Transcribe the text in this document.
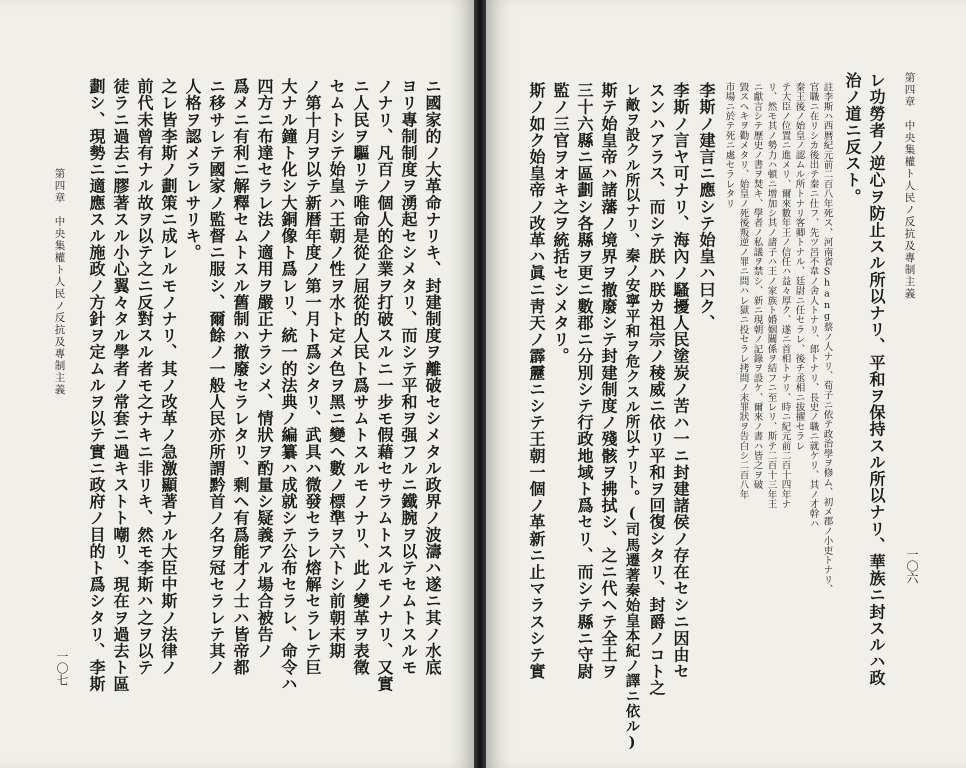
第四章　中央集權ト人民ノ反抗及專制主義
一〇七	ニ國家的ノ大革命ナリキ、封建制度ヲ離破セシメタル政界ノ波濤ハ遂ニ其ノ水底
ヨリ專制制度ヲ湧起セシメタリ、而シテ平和ヲ强フルニ鐵腕ヲ以テセムトスルモ
ノナリ、凡百ノ個人的企業ヲ打破スルニ一步モ假藉セサラムトスルモノナリ、又實
ニ人民ヲ驅リテ唯命是從ノ屈從的人民ト爲サムトスルモノナリ、此ノ變革ヲ表徵
セムトシテ始皇ハ王朝ノ性ヲ水ト定メ色ヲ黑ニ變ヘ數ノ標準ヲ六トシ前朝末期
ノ第十月ヲ以テ新暦年度ノ第一月ト爲シタリ、武具ハ微發セラレ熔解セラレテ巨
大ナル鐘ト化シ大銅像ト爲レリ、統一的法典ノ編纂ハ成就シテ公布セラレ、命令ハ
四方ニ布達セラレ法ノ適用ヲ嚴正ナラシメ、情狀ヲ酌量シ疑義アル場合被告ノ
爲メニ有利ニ解釋セムトスル舊制ハ撤廢セラレタリ、剩ヘ有爲能才ノ士ハ皆帝都
ニ移サレテ國家ノ監督ニ服シ、爾餘ノ一般人民亦所謂黔首ノ名ヲ冠セラレテ其ノ
人格ヲ認メラレサリキ。
之レ皆李斯ノ劃策ニ成レルモノナリ、其ノ改革ノ急激顯著ナル大臣中斯ノ法律ノ
前代未曾有ナル故ヲ以テ之ニ反對スル者モ之ナキニ非リキ、然モ李斯ハ之ヲ以テ
徒ラニ過去ニ膠著スル小心翼々タル學者ノ常套ニ過キストト嘲リ、現在ヲ過去ト區
劃シ、現勢ニ適應スル施政ノ方針ヲ定ムルヲ以テ實ニ政府ノ目的ト爲シタリ、李斯	第四章　中央集權ト人民ノ反抗及專制主義
一〇六
レ功勞者ノ逆心ヲ防止スル所以ナリ、平和ヲ保持スル所以ナリ、華族ニ封スルハ政
治ノ道ニ反スト。
註李斯ハ西暦紀元前二百八年死ス、河南省Shang蔡ノ人ナリ、荀子ニ依テ政治學ヲ修ム、初メ郡ノ小吏トナリ、
官職ニ在リシカ後出テ秦ニ仕フ、先ツ呂不韋ノ舍人トナリ、郎トナリ、長史ノ職ニ就ケリ、其ノ才幹ハ
秦王後ノ始皇ノ認ムル所トナリ客卿トナル、廷尉ニ任セラレ、後チ丞相ニ拔擢セラレ
テ大臣ノ位置ニ進メリ、爾來數年王ノ信任ハ益々厚ク、遂ニ首相トナリ、時ニ紀元前二百十四年ナ
リ、然モ其ノ勢力ハ頓ニ增加シ其ノ諸子ハ王ノ家族ト婚姻關係ヲ結フニ至レリ、斯テ二百十三年王
ニ獻言シテ歷史ノ書ヲ焚キ、學者ノ私議ヲ禁シ、新ニ現朝ノ記錄ヲ設ケ、爾來ノ書ハ皆之ヲ破
毀スヘキヲ勸メタリ、始皇ノ死後叛逆ノ罪ニ問ハレ獄ニ投セラレ拷問ノ末罪狀ヲ告白シ二百八年
市場ニ於テ死ニ處セラレタリ
李斯ノ建言ニ應シテ始皇ハ曰ク、
李斯ノ言ヤ可ナリ、海內ノ騷擾人民塗炭ノ苦ハ一ニ封建諸侯ノ存在セシニ因由セ
スンハアラス、而シテ朕ハ朕カ祖宗ノ稜威ニ依リ平和ヲ回復シタリ、封爵ノコト之
レ敵ヲ設クル所以ナリ、秦ノ安寧平和ヲ危クスル所以ナリト。(司馬遷著秦始皇本紀ノ譯ニ依ル)
斯テ始皇帝ハ諸藩ノ境界ヲ撤廢シテ封建制度ノ殘骸ヲ拂拭シ、之ニ代ヘテ全土ヲ
三十六縣ニ區劃シ各縣ヲ更ニ數郡ニ分別シテ行政地域ト爲セリ、而シテ縣ニ守尉
監ノ三官ヲオキ之ヲ統括セシメタリ。
斯ノ如ク始皇帝ノ改革ハ眞ニ靑天ノ霹靂ニシテ王朝一個ノ革新ニ止マラスシテ實
